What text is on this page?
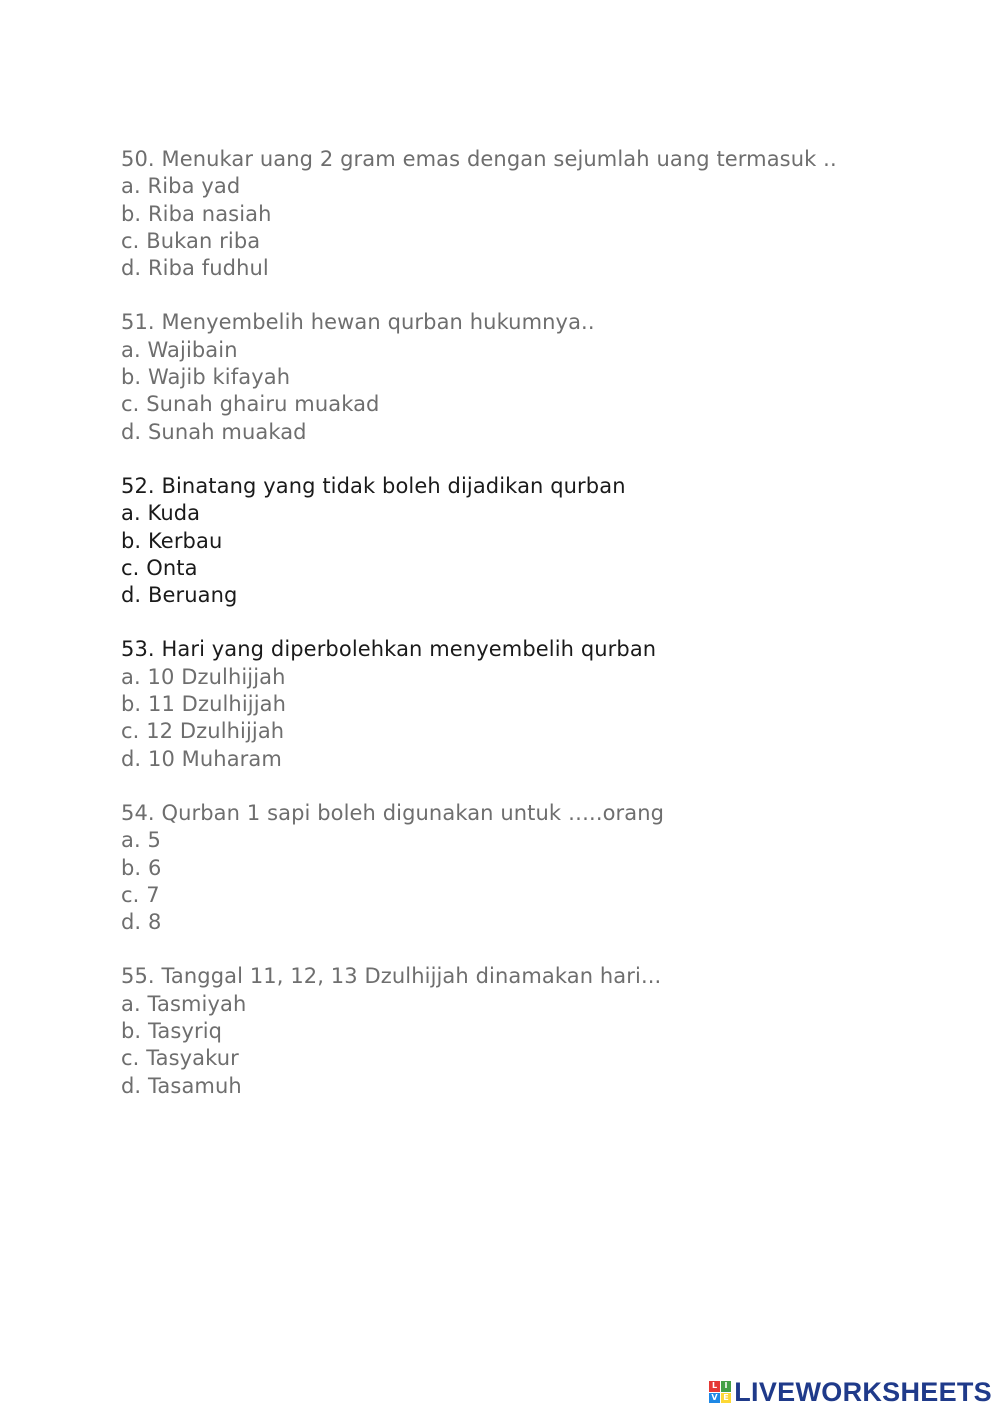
50. Menukar uang 2 gram emas dengan sejumlah uang termasuk ..
a. Riba yad
b. Riba nasiah
c. Bukan riba
d. Riba fudhul
51. Menyembelih hewan qurban hukumnya..
a. Wajibain
b. Wajib kifayah
c. Sunah ghairu muakad
d. Sunah muakad
52. Binatang yang tidak boleh dijadikan qurban
a. Kuda
b. Kerbau
c. Onta
d. Beruang
53. Hari yang diperbolehkan menyembelih qurban
a. 10 Dzulhijjah
b. 11 Dzulhijjah
c. 12 Dzulhijjah
d. 10 Muharam
54. Qurban 1 sapi boleh digunakan untuk …..orang
a. 5
b. 6
c. 7
d. 8
55. Tanggal 11, 12, 13 Dzulhijjah dinamakan hari...
a. Tasmiyah
b. Tasyriq
c. Tasyakur
d. Tasamuh
L I
V E LIVEWORKSHEETS
